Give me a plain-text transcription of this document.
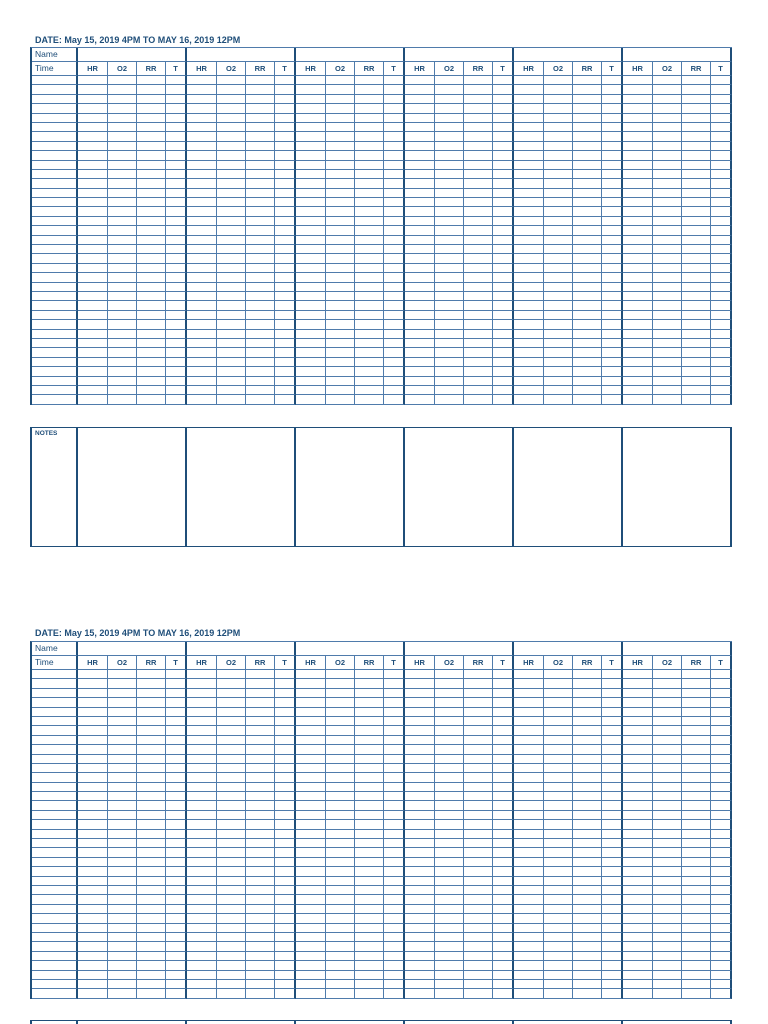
DATE: May 15, 2019 4PM TO MAY 16, 2019 12PM
Name
Time	HR	O2	RR	T	HR	O2	RR	T	HR	O2	RR	T	HR	O2	RR	T	HR	O2	RR	T	HR	O2	RR	T
NOTES
DATE: May 15, 2019 4PM TO MAY 16, 2019 12PM
Name
Time	HR	O2	RR	T	HR	O2	RR	T	HR	O2	RR	T	HR	O2	RR	T	HR	O2	RR	T	HR	O2	RR	T
